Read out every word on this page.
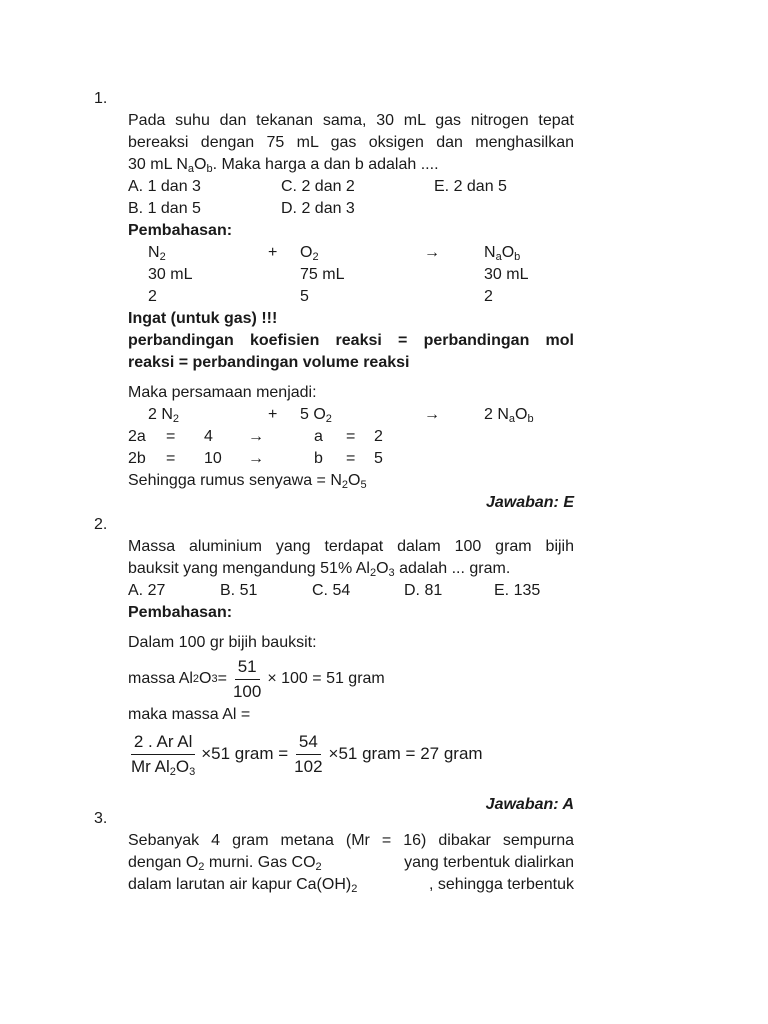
1.
Pada suhu dan tekanan sama, 30 mL gas nitrogen tepat
bereaksi dengan 75 mL gas oksigen dan menghasilkan
30 mL $N_aO_b$. Maka harga a dan b adalah ....
A. 1 dan 3	C. 2 dan 2	E. 2 dan 5
B. 1 dan 5	D. 2 dan 3
Pembahasan:
$N_2$	+ $O_2$	→	$N_aO_b$
30 mL	75 mL	30 mL
2	5	2
Ingat (untuk gas) !!!
perbandingan koefisien reaksi = perbandingan mol
reaksi = perbandingan volume reaksi
Maka persamaan menjadi:
2 $N_2$	+ 5 $O_2$	→	2 $N_aO_b$
2a = 4 →	a = 2
2b = 10 →	b = 5
Sehingga rumus senyawa = $N_2O_5$
Jawaban: E
2.
Massa aluminium yang terdapat dalam 100 gram bijih
bauksit yang mengandung 51% $Al_2O_3$ adalah ... gram.
A. 27	B. 51	C. 54	D. 81	E. 135
Pembahasan:
Dalam 100 gr bijih bauksit:
massa Al 2 O $3 = \frac{51}{100} \times 100 = 51$ gram
maka massa Al =
$\frac{\text{2 . Ar Al}}{Mr Al_2O_3} \times 51$ gram = $\frac{54}{102} \times 51$ gram = 27 gram
Jawaban: A
3.
Sebanyak 4 gram metana (Mr = 16) dibakar sempurna
dengan $O_2$ murni. Gas $CO_2$	yang terbentuk dialirkan
dalam larutan air kapur $Ca(OH)_2$	, sehingga terbentuk
